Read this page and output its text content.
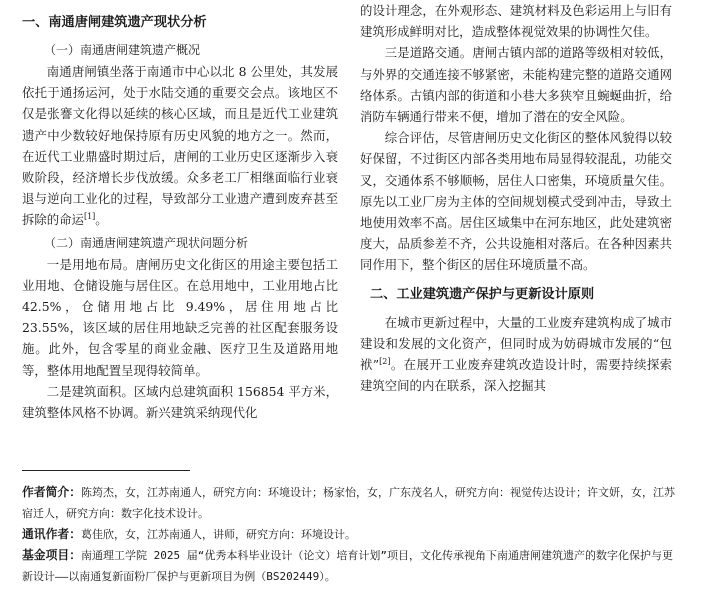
一、南通唐闸建筑遗产现状分析
（一）南通唐闸建筑遗产概况

南通唐闸镇坐落于南通市中心以北 8 公里处，其发展依托于通扬运河，处于水陆交通的重要交会点。该地区不仅是张謇文化得以延续的核心区域，而且是近代工业建筑遗产中少数较好地保持原有历史风貌的地方之一。然而，在近代工业鼎盛时期过后，唐闸的工业历史区逐渐步入衰败阶段，经济增长步伐放缓。众多老工厂相继面临行业衰退与逆向工业化的过程，导致部分工业遗产遭到废弃甚至拆除的命运[1]。

（二）南通唐闸建筑遗产现状问题分析

一是用地布局。唐闸历史文化街区的用途主要包括工业用地、仓储设施与居住区。在总用地中，工业用地占比 42.5%，仓储用地占比 9.49%，居住用地占比 23.55%，该区域的居住用地缺乏完善的社区配套服务设施。此外，包含零星的商业金融、医疗卫生及道路用地等，整体用地配置呈现得较简单。

二是建筑面积。区域内总建筑面积 156854 平方米，建筑整体风格不协调。新兴建筑采纳现代化

的设计理念，在外观形态、建筑材料及色彩运用上与旧有建筑形成鲜明对比，造成整体视觉效果的协调性欠佳。

三是道路交通。唐闸古镇内部的道路等级相对较低，与外界的交通连接不够紧密，未能构建完整的道路交通网络体系。古镇内部的街道和小巷大多狭窄且蜿蜒曲折，给消防车辆通行带来不便，增加了潜在的安全风险。

综合评估，尽管唐闸历史文化街区的整体风貌得以较好保留，不过街区内部各类用地布局显得较混乱，功能交叉，交通体系不够顺畅，居住人口密集，环境质量欠佳。原先以工业厂房为主体的空间规划模式受到冲击，导致土地使用效率不高。居住区域集中在河东地区，此处建筑密度大，品质参差不齐，公共设施相对落后。在各种因素共同作用下，整个街区的居住环境质量不高。

二、工业建筑遗产保护与更新设计原则

在城市更新过程中，大量的工业废弃建筑构成了城市建设和发展的文化资产，但同时成为妨碍城市发展的“包袱”[2]。在展开工业废弃建筑改造设计时，需要持续探索建筑空间的内在联系，深入挖掘其

作者简介：陈筠杰，女，江苏南通人，研究方向：环境设计；杨家怡，女，广东茂名人，研究方向：视觉传达设计；许文妍，女，江苏宿迁人，研究方向：数字化技术设计。

通讯作者：葛佳欣，女，江苏南通人，讲师，研究方向：环境设计。

基金项目：南通理工学院 2025 届“优秀本科毕业设计（论文）培育计划”项目，文化传承视角下南通唐闸建筑遗产的数字化保护与更新设计——以南通复新面粉厂保护与更新项目为例（BS202449）。
